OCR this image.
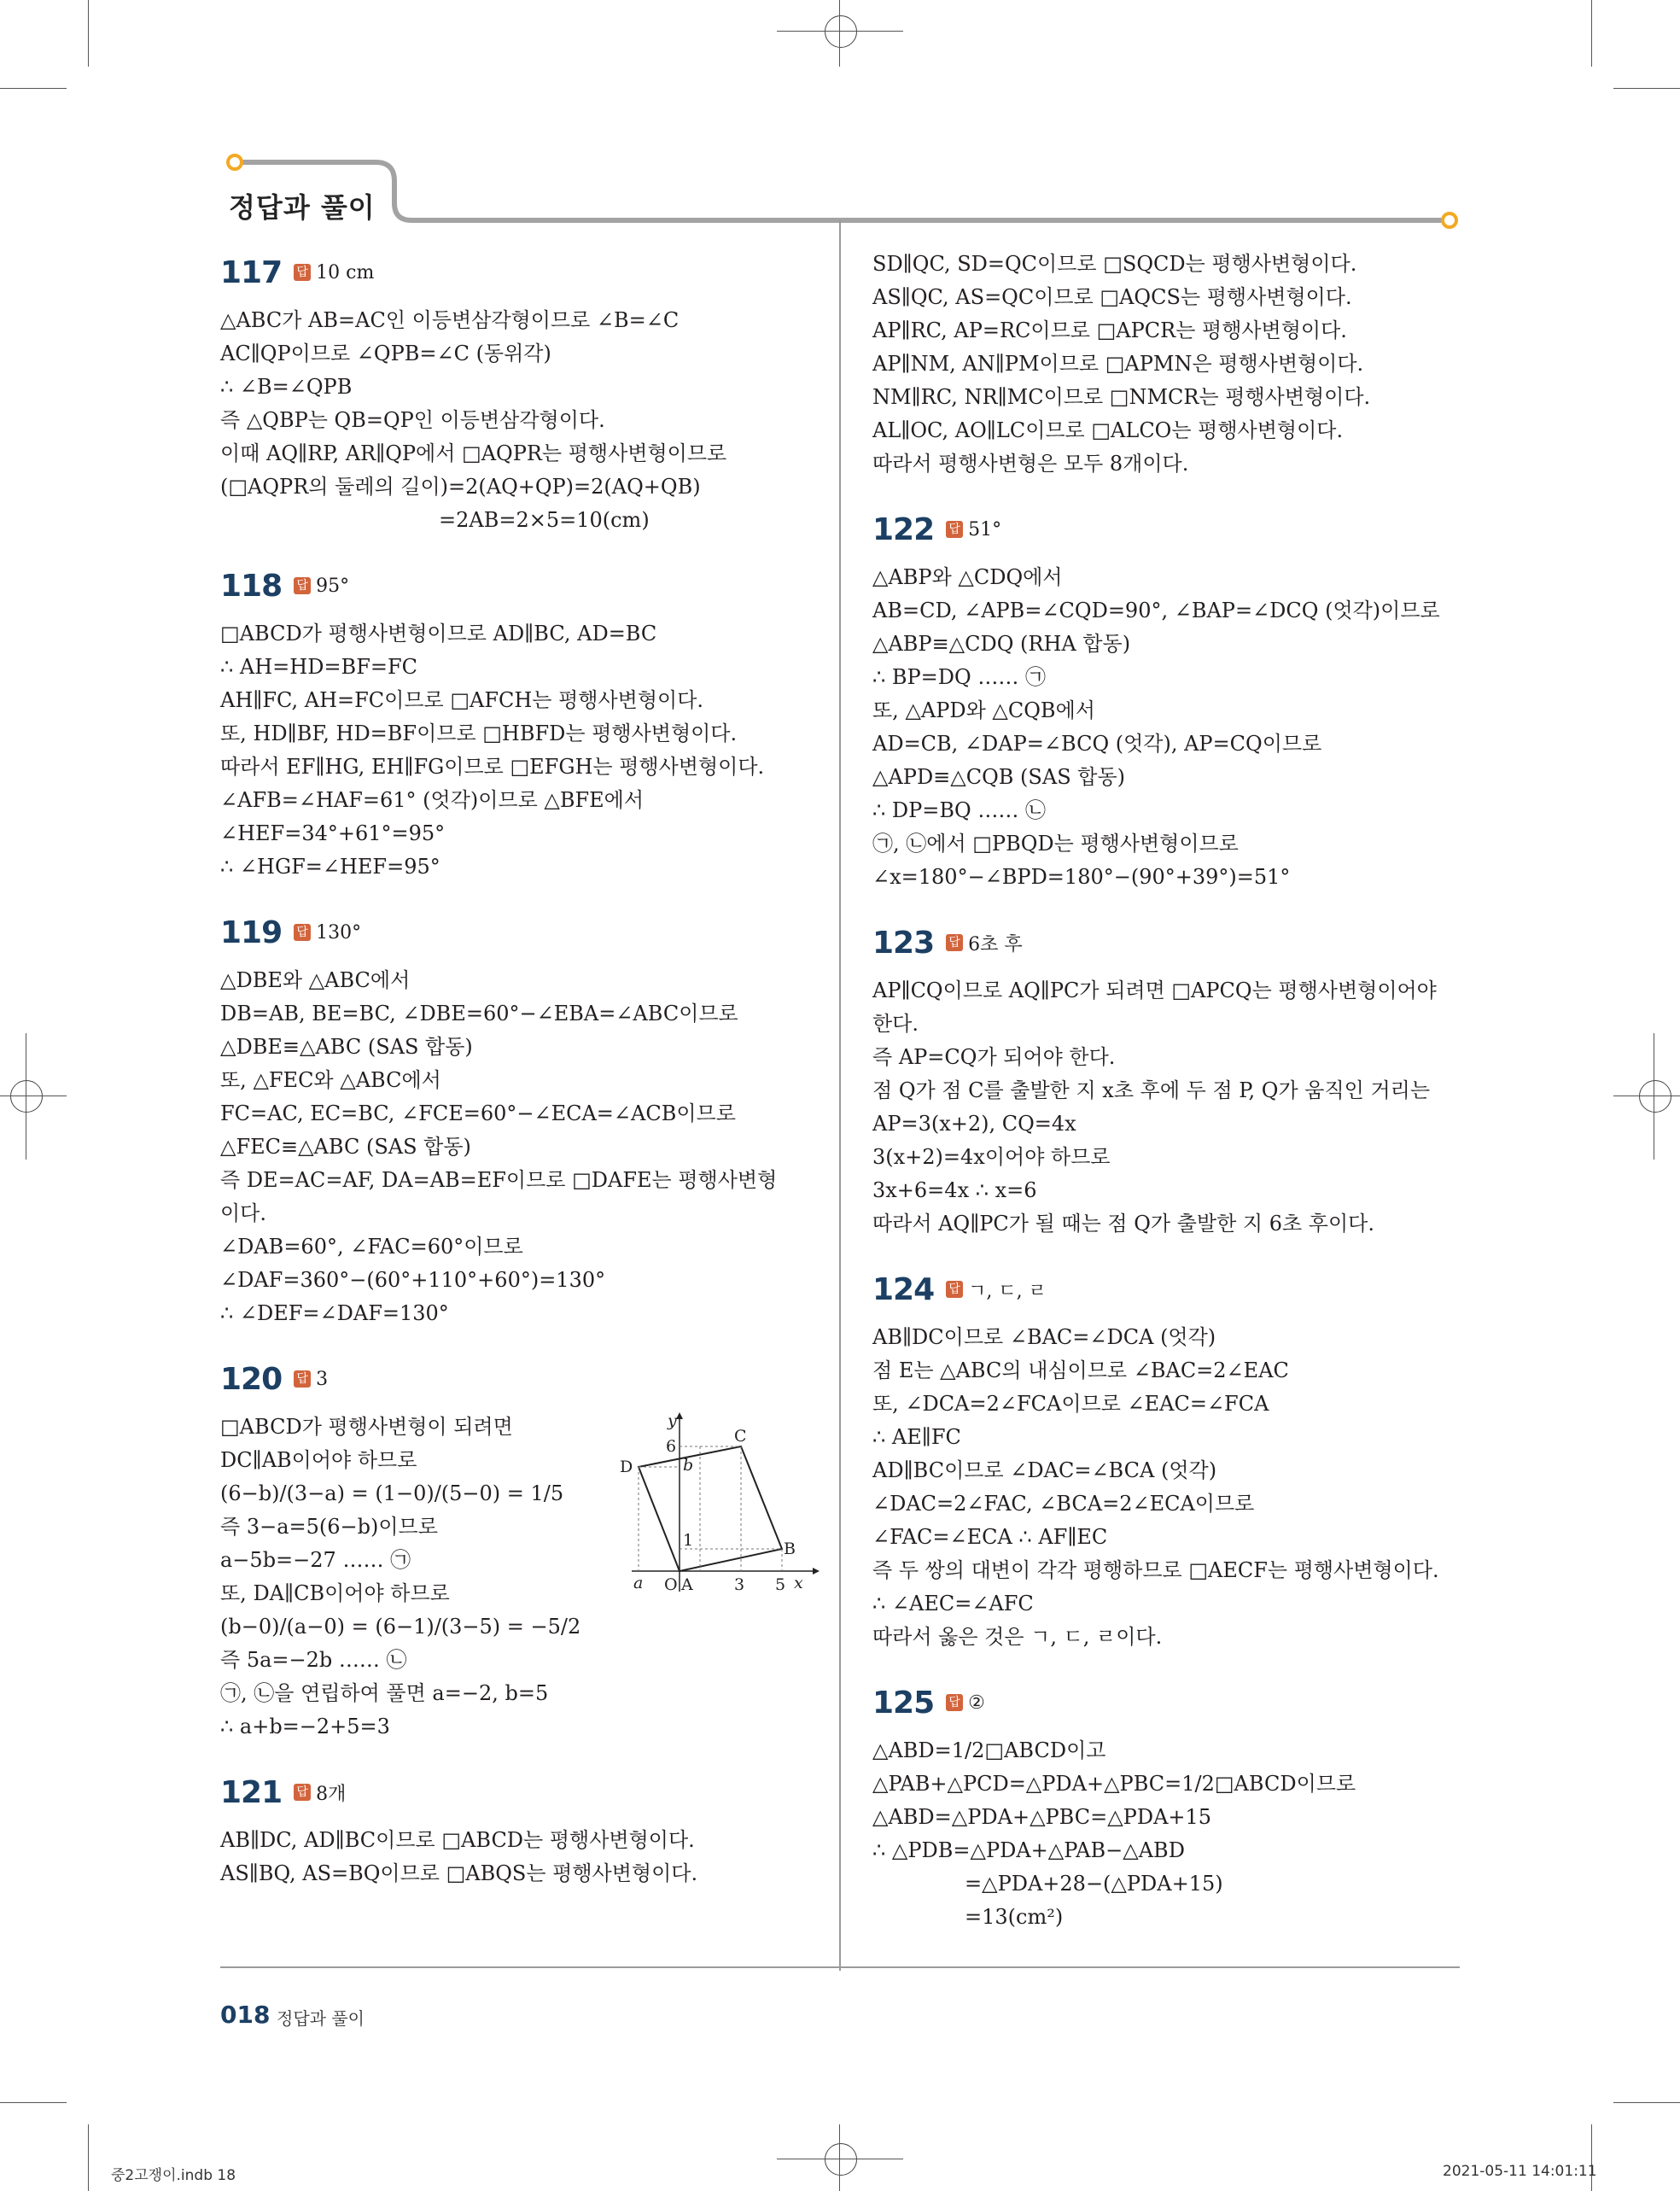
정답과 풀이
117 답 10 cm
△ABC가 AB=AC인 이등변삼각형이므로 ∠B=∠C
AC∥QP이므로 ∠QPB=∠C (동위각)
∴ ∠B=∠QPB
즉 △QBP는 QB=QP인 이등변삼각형이다.
이때 AQ∥RP, AR∥QP에서 □AQPR는 평행사변형이므로
(□AQPR의 둘레의 길이)=2(AQ+QP)=2(AQ+QB)
=2AB=2×5=10(cm)
118 답 95°
□ABCD가 평행사변형이므로 AD∥BC, AD=BC
∴ AH=HD=BF=FC
AH∥FC, AH=FC이므로 □AFCH는 평행사변형이다.
또, HD∥BF, HD=BF이므로 □HBFD는 평행사변형이다.
따라서 EF∥HG, EH∥FG이므로 □EFGH는 평행사변형이다.
∠AFB=∠HAF=61° (엇각)이므로 △BFE에서
∠HEF=34°+61°=95°
∴ ∠HGF=∠HEF=95°
119 답 130°
△DBE와 △ABC에서
DB=AB, BE=BC, ∠DBE=60°−∠EBA=∠ABC이므로
△DBE≡△ABC (SAS 합동)
또, △FEC와 △ABC에서
FC=AC, EC=BC, ∠FCE=60°−∠ECA=∠ACB이므로
△FEC≡△ABC (SAS 합동)
즉 DE=AC=AF, DA=AB=EF이므로 □DAFE는 평행사변형
이다.
∠DAB=60°, ∠FAC=60°이므로
∠DAF=360°−(60°+110°+60°)=130°
∴ ∠DEF=∠DAF=130°
120 답 3
□ABCD가 평행사변형이 되려면
DC∥AB이어야 하므로
(6−b)/(3−a) = (1−0)/(5−0) = 1/5
즉 3−a=5(6−b)이므로
a−5b=−27 …… ㉠
또, DA∥CB이어야 하므로
(b−0)/(a−0) = (6−1)/(3−5) = −5/2
즉 5a=−2b …… ㉡
㉠, ㉡을 연립하여 풀면 a=−2, b=5
∴ a+b=−2+5=3
121 답 8개
AB∥DC, AD∥BC이므로 □ABCD는 평행사변형이다.
AS∥BQ, AS=BQ이므로 □ABQS는 평행사변형이다.
SD∥QC, SD=QC이므로 □SQCD는 평행사변형이다.
AS∥QC, AS=QC이므로 □AQCS는 평행사변형이다.
AP∥RC, AP=RC이므로 □APCR는 평행사변형이다.
AP∥NM, AN∥PM이므로 □APMN은 평행사변형이다.
NM∥RC, NR∥MC이므로 □NMCR는 평행사변형이다.
AL∥OC, AO∥LC이므로 □ALCO는 평행사변형이다.
따라서 평행사변형은 모두 8개이다.
122 답 51°
△ABP와 △CDQ에서
AB=CD, ∠APB=∠CQD=90°, ∠BAP=∠DCQ (엇각)이므로
△ABP≡△CDQ (RHA 합동)
∴ BP=DQ …… ㉠
또, △APD와 △CQB에서
AD=CB, ∠DAP=∠BCQ (엇각), AP=CQ이므로
△APD≡△CQB (SAS 합동)
∴ DP=BQ …… ㉡
㉠, ㉡에서 □PBQD는 평행사변형이므로
∠x=180°−∠BPD=180°−(90°+39°)=51°
123 답 6초 후
AP∥CQ이므로 AQ∥PC가 되려면 □APCQ는 평행사변형이어야
한다.
즉 AP=CQ가 되어야 한다.
점 Q가 점 C를 출발한 지 x초 후에 두 점 P, Q가 움직인 거리는
AP=3(x+2), CQ=4x
3(x+2)=4x이어야 하므로
3x+6=4x ∴ x=6
따라서 AQ∥PC가 될 때는 점 Q가 출발한 지 6초 후이다.
124 답 ㄱ, ㄷ, ㄹ
AB∥DC이므로 ∠BAC=∠DCA (엇각)
점 E는 △ABC의 내심이므로 ∠BAC=2∠EAC
또, ∠DCA=2∠FCA이므로 ∠EAC=∠FCA
∴ AE∥FC
AD∥BC이므로 ∠DAC=∠BCA (엇각)
∠DAC=2∠FAC, ∠BCA=2∠ECA이므로
∠FAC=∠ECA ∴ AF∥EC
즉 두 쌍의 대변이 각각 평행하므로 □AECF는 평행사변형이다.
∴ ∠AEC=∠AFC
따라서 옳은 것은 ㄱ, ㄷ, ㄹ이다.
125 답 ②
△ABD=1/2□ABCD이고
△PAB+△PCD=△PDA+△PBC=1/2□ABCD이므로
△ABD=△PDA+△PBC=△PDA+15
∴ △PDB=△PDA+△PAB−△ABD
=△PDA+28−(△PDA+15)
=13(cm²)
y
x
C
D
B
O A
6
b
1
a	3 5
018 정답과 풀이
중2고쟁이.indb 18	2021-05-11 14:01:11
